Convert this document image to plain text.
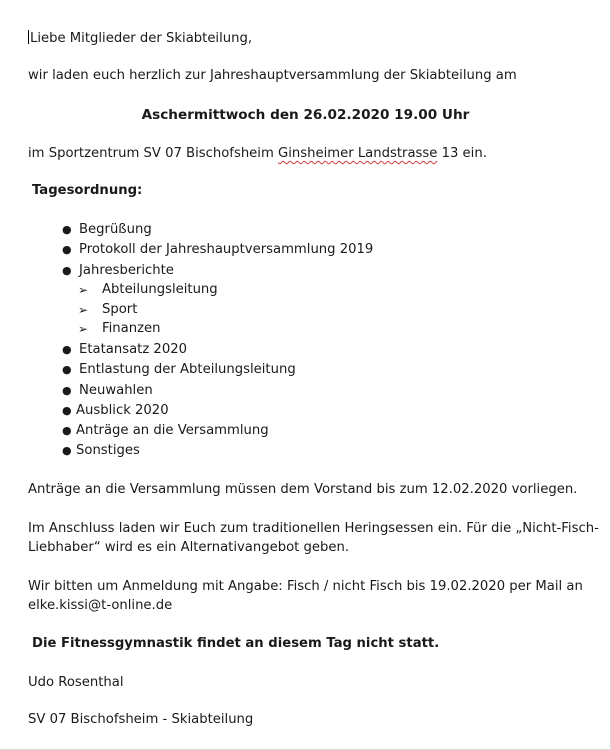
Liebe Mitglieder der Skiabteilung,
wir laden euch herzlich zur Jahreshauptversammlung der Skiabteilung am
Aschermittwoch den 26.02.2020 19.00 Uhr
im Sportzentrum SV 07 Bischofsheim Ginsheimer Landstrasse 13 ein.
Tagesordnung:
● Begrüßung
● Protokoll der Jahreshauptversammlung 2019
● Jahresberichte
➢ Abteilungsleitung
➢ Sport
➢ Finanzen
● Etatansatz 2020
● Entlastung der Abteilungsleitung
● Neuwahlen
● Ausblick 2020
● Anträge an die Versammlung
● Sonstiges
Anträge an die Versammlung müssen dem Vorstand bis zum 12.02.2020 vorliegen.
Im Anschluss laden wir Euch zum traditionellen Heringsessen ein. Für die „Nicht-Fisch-
Liebhaber“ wird es ein Alternativangebot geben.
Wir bitten um Anmeldung mit Angabe: Fisch / nicht Fisch bis 19.02.2020 per Mail an
elke.kissi@t-online.de
Die Fitnessgymnastik findet an diesem Tag nicht statt.
Udo Rosenthal
SV 07 Bischofsheim - Skiabteilung
